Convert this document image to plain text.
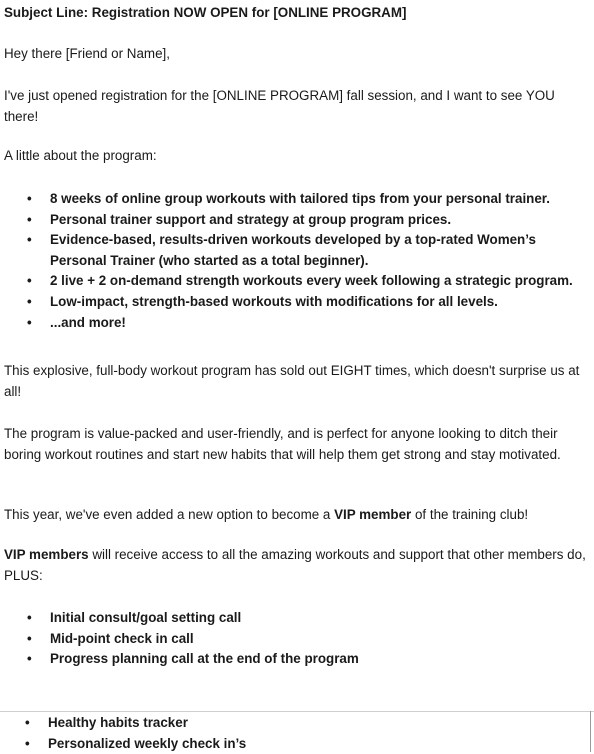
Subject Line: Registration NOW OPEN for [ONLINE PROGRAM]

Hey there [Friend or Name],

I've just opened registration for the [ONLINE PROGRAM] fall session, and I want to see YOU there!

A little about the program:

• 8 weeks of online group workouts with tailored tips from your personal trainer.
• Personal trainer support and strategy at group program prices.
• Evidence-based, results-driven workouts developed by a top-rated Women’s Personal Trainer (who started as a total beginner).
• 2 live + 2 on-demand strength workouts every week following a strategic program.
• Low-impact, strength-based workouts with modifications for all levels.
• ...and more!

This explosive, full-body workout program has sold out EIGHT times, which doesn't surprise us at all!

The program is value-packed and user-friendly, and is perfect for anyone looking to ditch their boring workout routines and start new habits that will help them get strong and stay motivated.

This year, we've even added a new option to become a VIP member of the training club!

VIP members will receive access to all the amazing workouts and support that other members do, PLUS:

• Initial consult/goal setting call
• Mid-point check in call
• Progress planning call at the end of the program
• Healthy habits tracker
• Personalized weekly check in’s
